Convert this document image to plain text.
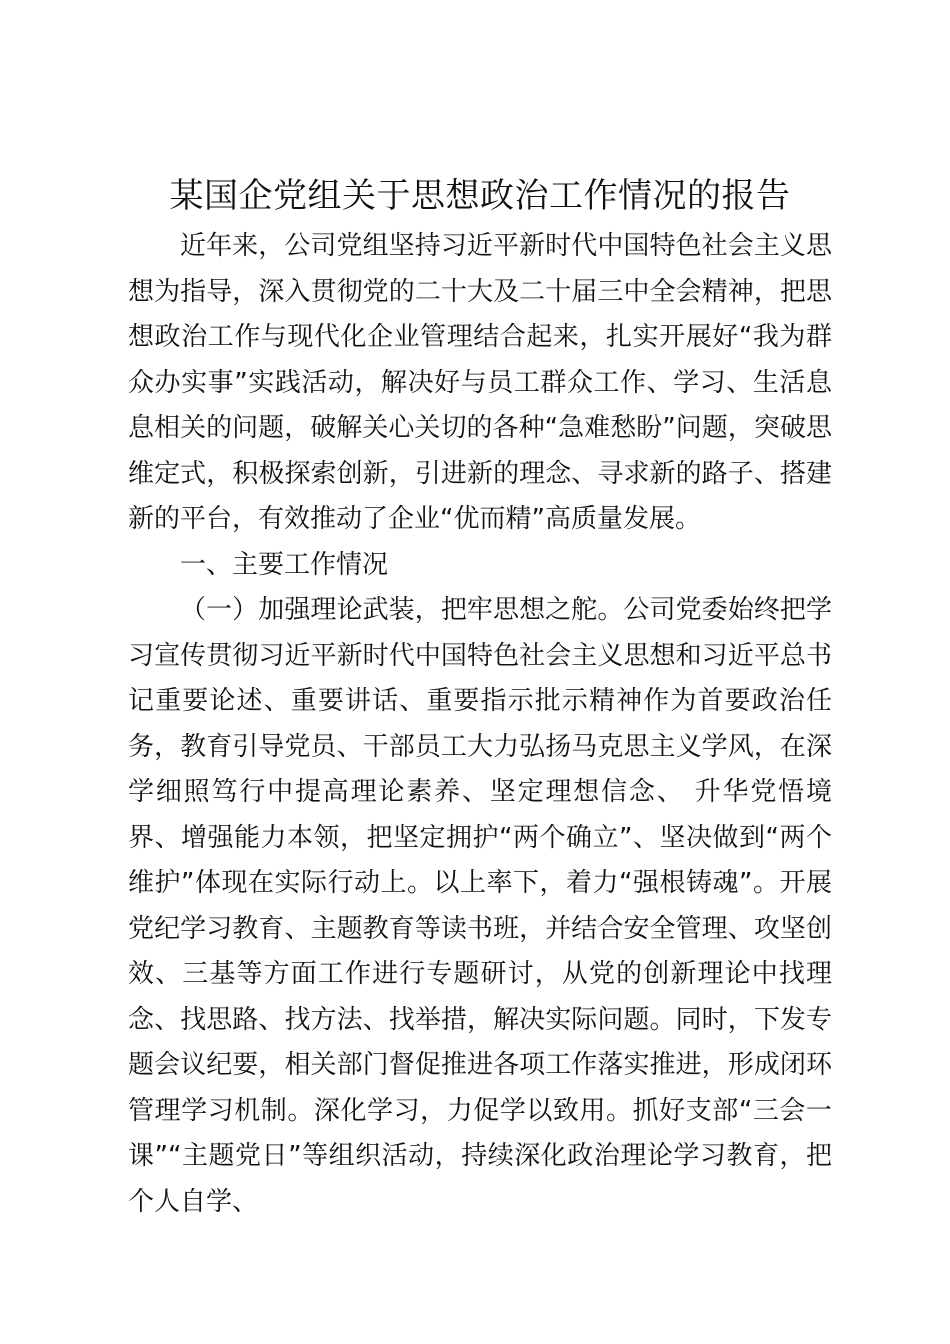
某国企党组关于思想政治工作情况的报告

近年来，公司党组坚持习近平新时代中国特色社会主义思想为指导，深入贯彻党的二十大及二十届三中全会精神，把思想政治工作与现代化企业管理结合起来，扎实开展好“我为群众办实事”实践活动，解决好与员工群众工作、学习、生活息息相关的问题，破解关心关切的各种“急难愁盼”问题，突破思维定式，积极探索创新，引进新的理念、寻求新的路子、搭建新的平台，有效推动了企业“优而精”高质量发展。

一、主要工作情况

（一）加强理论武装，把牢思想之舵。公司党委始终把学习宣传贯彻习近平新时代中国特色社会主义思想和习近平总书记重要论述、重要讲话、重要指示批示精神作为首要政治任务，教育引导党员、干部员工大力弘扬马克思主义学风，在深学细照笃行中提高理论素养、坚定理想信念、 升华党悟境界、增强能力本领，把坚定拥护“两个确立”、坚决做到“两个维护”体现在实际行动上。以上率下，着力“强根铸魂”。开展党纪学习教育、主题教育等读书班，并结合安全管理、攻坚创效、三基等方面工作进行专题研讨，从党的创新理论中找理念、找思路、找方法、找举措，解决实际问题。同时，下发专题会议纪要，相关部门督促推进各项工作落实推进，形成闭环管理学习机制。深化学习，力促学以致用。抓好支部“三会一课”“主题党日”等组织活动，持续深化政治理论学习教育，把个人自学、
